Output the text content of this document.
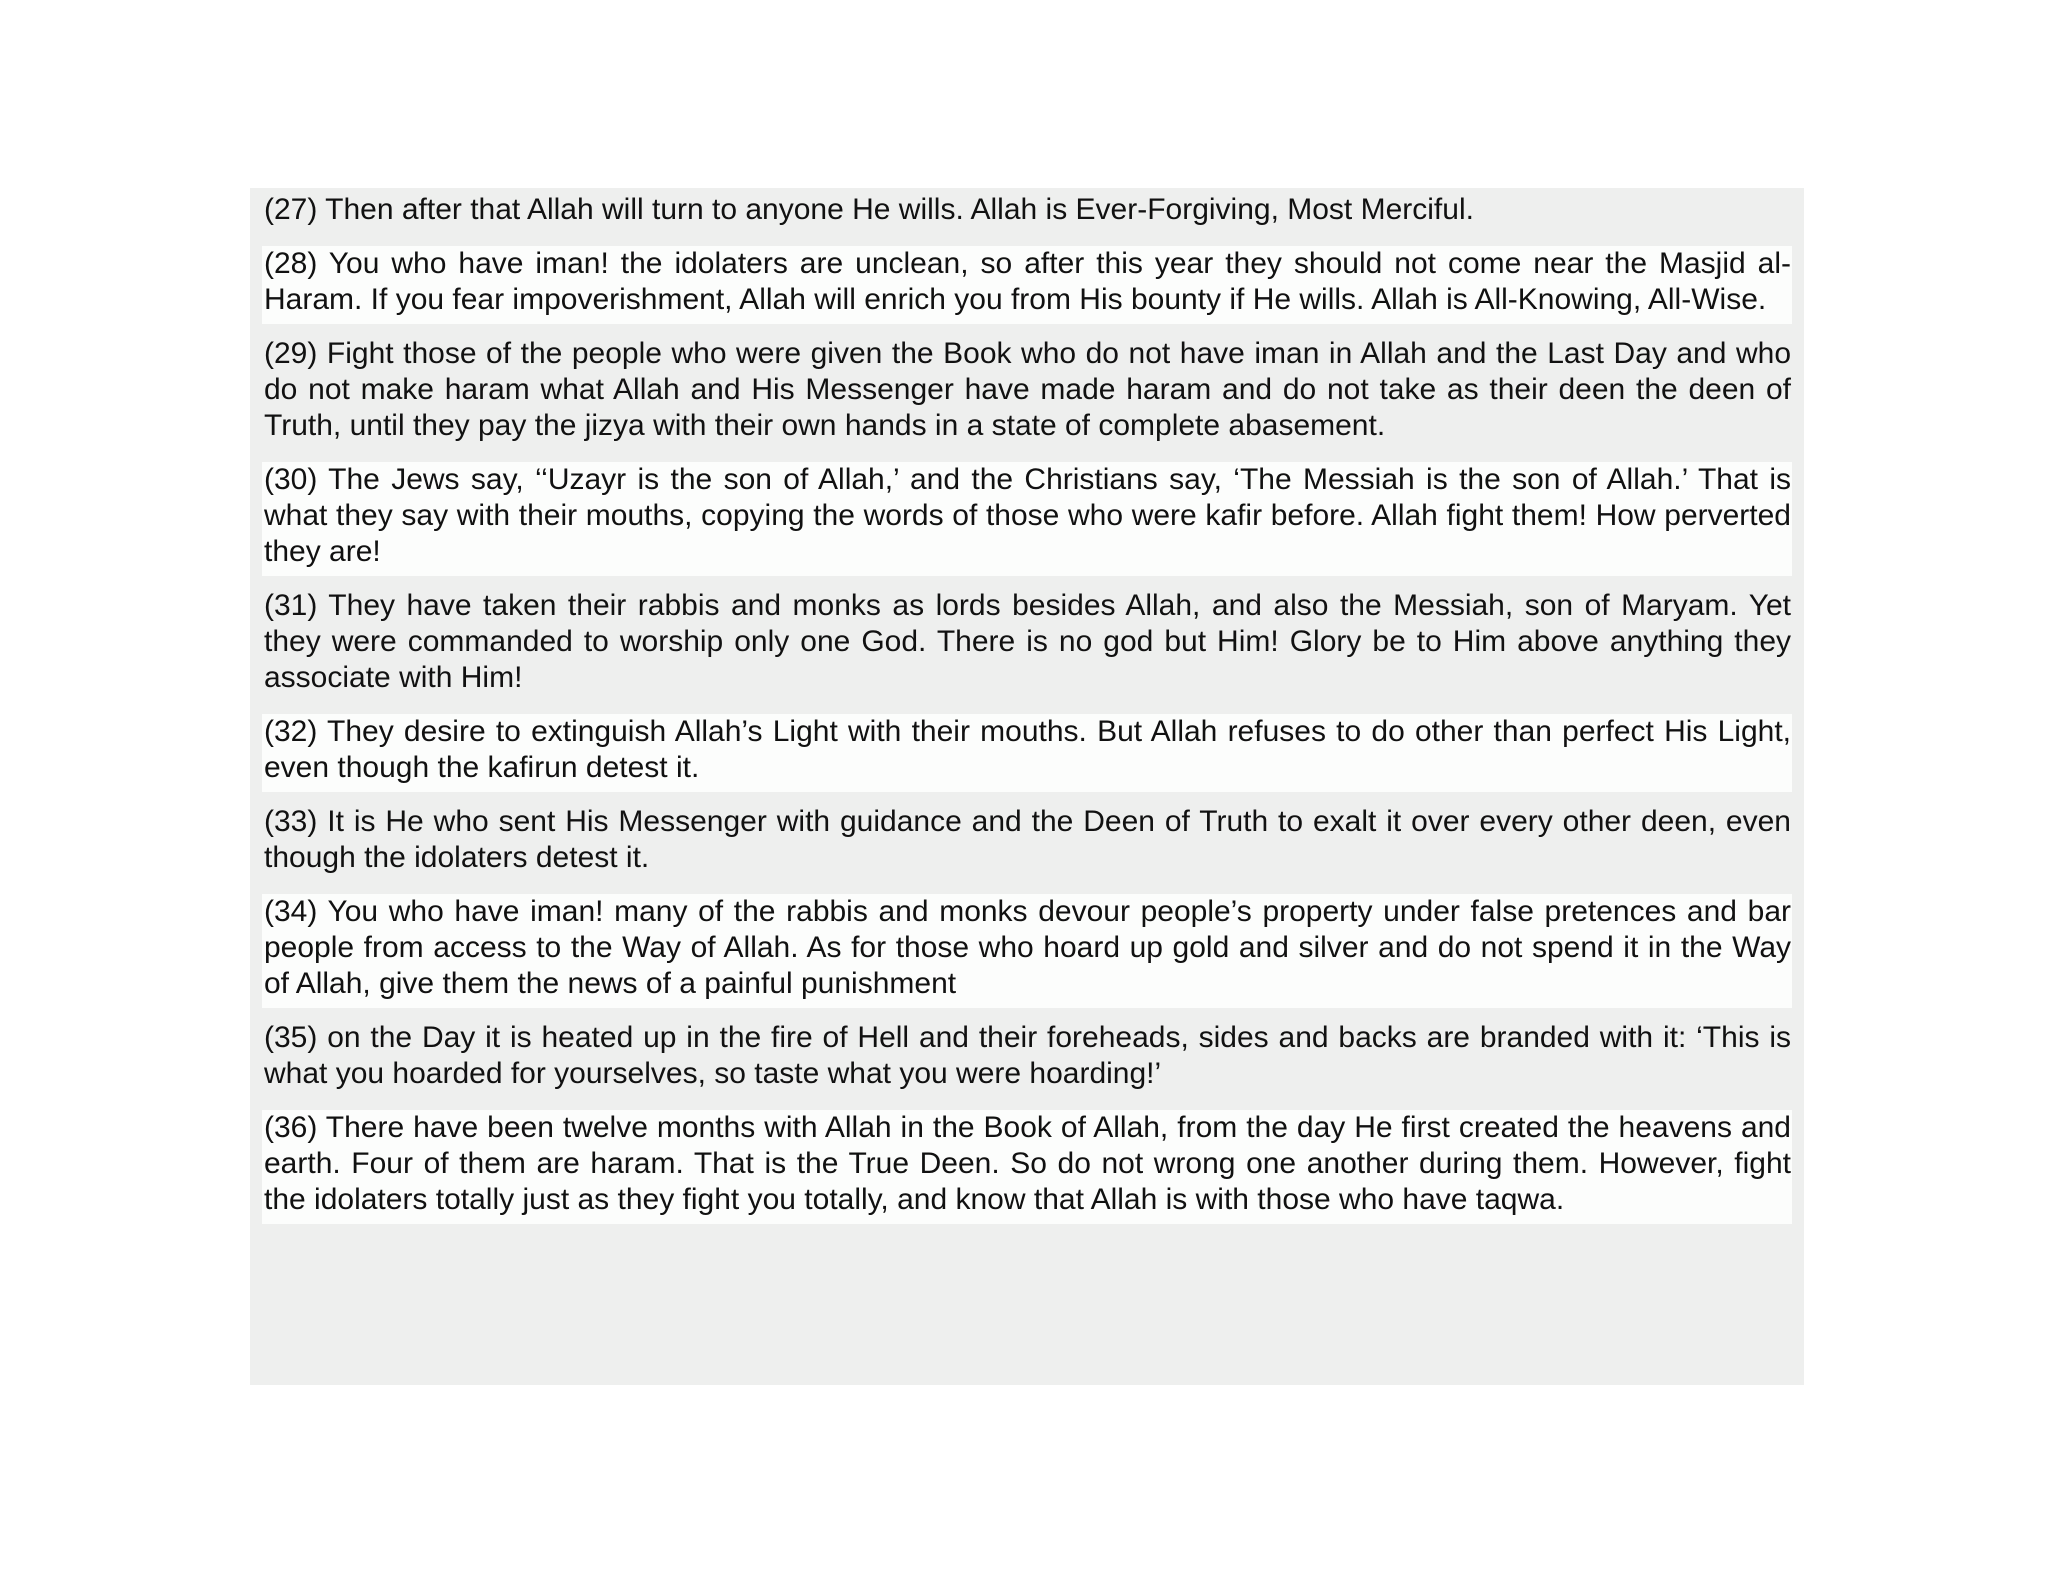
(27) Then after that Allah will turn to anyone He wills. Allah is Ever-Forgiving, Most Merciful.

(28) You who have iman! the idolaters are unclean, so after this year they should not come near the Masjid al-Haram. If you fear impoverishment, Allah will enrich you from His bounty if He wills. Allah is All-Knowing, All-Wise.

(29) Fight those of the people who were given the Book who do not have iman in Allah and the Last Day and who do not make haram what Allah and His Messenger have made haram and do not take as their deen the deen of Truth, until they pay the jizya with their own hands in a state of complete abasement.

(30) The Jews say, ‘‘Uzayr is the son of Allah,’ and the Christians say, ‘The Messiah is the son of Allah.’ That is what they say with their mouths, copying the words of those who were kafir before. Allah fight them! How perverted they are!

(31) They have taken their rabbis and monks as lords besides Allah, and also the Messiah, son of Maryam. Yet they were commanded to worship only one God. There is no god but Him! Glory be to Him above anything they associate with Him!

(32) They desire to extinguish Allah’s Light with their mouths. But Allah refuses to do other than perfect His Light, even though the kafirun detest it.

(33) It is He who sent His Messenger with guidance and the Deen of Truth to exalt it over every other deen, even though the idolaters detest it.

(34) You who have iman! many of the rabbis and monks devour people’s property under false pretences and bar people from access to the Way of Allah. As for those who hoard up gold and silver and do not spend it in the Way of Allah, give them the news of a painful punishment

(35) on the Day it is heated up in the fire of Hell and their foreheads, sides and backs are branded with it: ‘This is what you hoarded for yourselves, so taste what you were hoarding!’

(36) There have been twelve months with Allah in the Book of Allah, from the day He first created the heavens and earth. Four of them are haram. That is the True Deen. So do not wrong one another during them. However, fight the idolaters totally just as they fight you totally, and know that Allah is with those who have taqwa.
